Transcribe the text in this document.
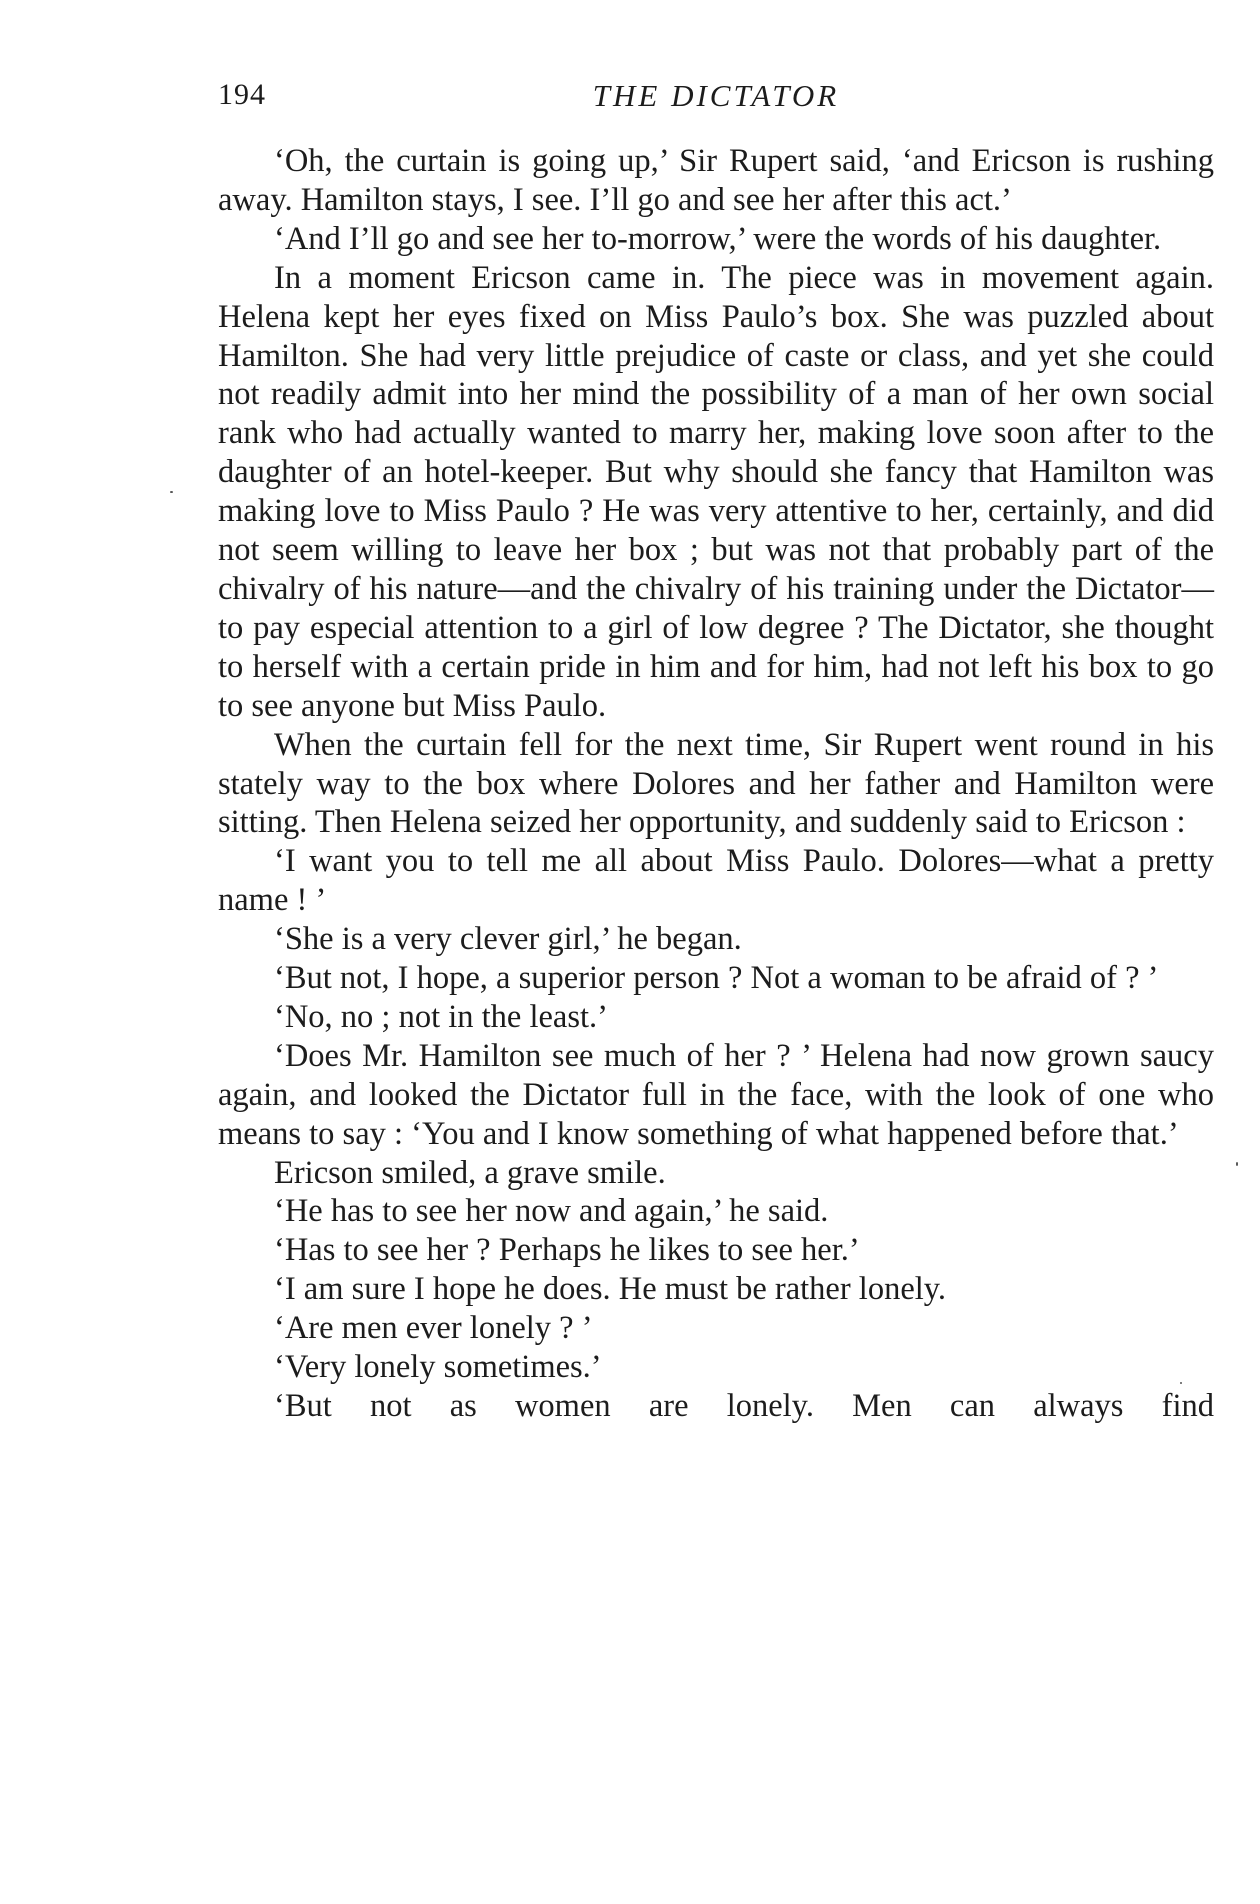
194	THE DICTATOR

‘Oh, the curtain is going up,’ Sir Rupert said, ‘and Ericson is rushing away. Hamilton stays, I see. I’ll go and see her after this act.’

‘And I’ll go and see her to-morrow,’ were the words of his daughter.

In a moment Ericson came in. The piece was in movement again. Helena kept her eyes fixed on Miss Paulo’s box. She was puzzled about Hamilton. She had very little prejudice of caste or class, and yet she could not readily admit into her mind the possibility of a man of her own social rank who had actually wanted to marry her, making love soon after to the daughter of an hotel-keeper. But why should she fancy that Hamilton was making love to Miss Paulo ? He was very attentive to her, certainly, and did not seem willing to leave her box ; but was not that probably part of the chivalry of his nature—and the chivalry of his training under the Dictator—to pay especial attention to a girl of low degree ? The Dictator, she thought to herself with a certain pride in him and for him, had not left his box to go to see anyone but Miss Paulo.

When the curtain fell for the next time, Sir Rupert went round in his stately way to the box where Dolores and her father and Hamilton were sitting. Then Helena seized her opportunity, and suddenly said to Ericson :

‘I want you to tell me all about Miss Paulo. Dolores—what a pretty name ! ’

‘She is a very clever girl,’ he began.

‘But not, I hope, a superior person ? Not a woman to be afraid of ? ’

‘No, no ; not in the least.’

‘Does Mr. Hamilton see much of her ? ’ Helena had now grown saucy again, and looked the Dictator full in the face, with the look of one who means to say : ‘You and I know something of what happened before that.’

Ericson smiled, a grave smile.

‘He has to see her now and again,’ he said.

‘Has to see her ? Perhaps he likes to see her.’

‘I am sure I hope he does. He must be rather lonely.

‘Are men ever lonely ? ’

‘Very lonely sometimes.’

‘But not as women are lonely. Men can always find
